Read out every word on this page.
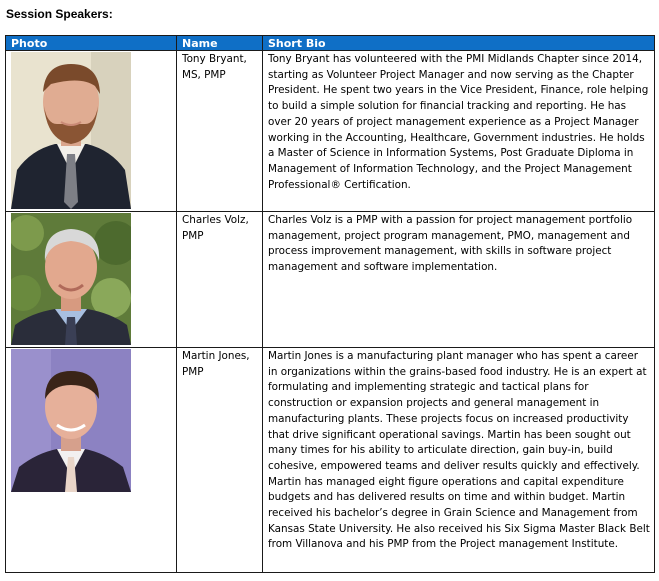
Session Speakers:
Photo	Name	Short Bio

Tony Bryant,
MS, PMP	Tony Bryant has volunteered with the PMI Midlands Chapter since 2014, starting as Volunteer Project Manager and now serving as the Chapter President. He spent two years in the Vice President, Finance, role helping to build a simple solution for financial tracking and reporting. He has over 20 years of project management experience as a Project Manager working in the Accounting, Healthcare, Government industries. He holds a Master of Science in Information Systems, Post Graduate Diploma in Management of Information Technology, and the Project Management Professional® Certification.

Charles Volz,
PMP	Charles Volz is a PMP with a passion for project management portfolio management, project program management, PMO, management and process improvement management, with skills in software project management and software implementation.

Martin Jones,
PMP	Martin Jones is a manufacturing plant manager who has spent a career in organizations within the grains-based food industry. He is an expert at formulating and implementing strategic and tactical plans for construction or expansion projects and general management in manufacturing plants. These projects focus on increased productivity that drive significant operational savings. Martin has been sought out many times for his ability to articulate direction, gain buy-in, build cohesive, empowered teams and deliver results quickly and effectively. Martin has managed eight figure operations and capital expenditure budgets and has delivered results on time and within budget. Martin received his bachelor’s degree in Grain Science and Management from Kansas State University. He also received his Six Sigma Master Black Belt from Villanova and his PMP from the Project management Institute.
